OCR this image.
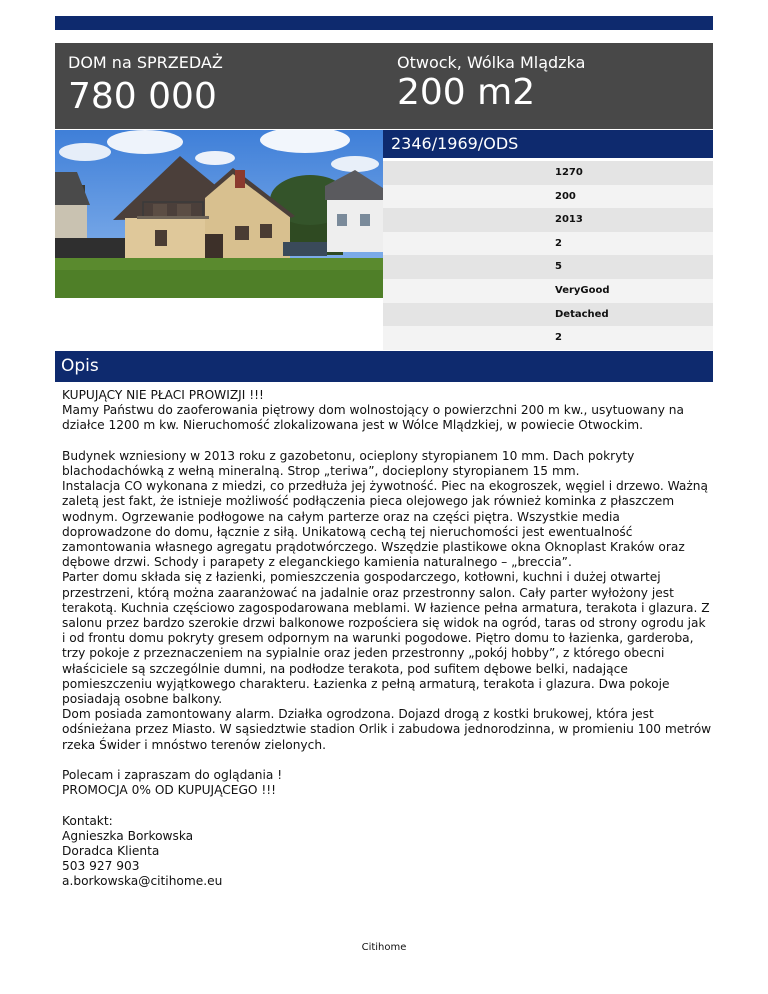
DOM na SPRZEDAŻ
780 000
Otwock, Wólka Mlądzka
200 m2
2346/1969/ODS
1270
200
2013
2
5
VeryGood
Detached
2
Opis

KUPUJĄCY NIE PŁACI PROWIZJI !!!

Mamy Państwu do zaoferowania piętrowy dom wolnostojący o powierzchni 200 m kw., usytuowany na działce 1200 m kw. Nieruchomość zlokalizowana jest w Wólce Mlądzkiej, w powiecie Otwockim.

Budynek wzniesiony w 2013 roku z gazobetonu, ocieplony styropianem 10 mm. Dach pokryty blachodachówką z wełną mineralną. Strop „teriwa”, docieplony styropianem 15 mm.

Instalacja CO wykonana z miedzi, co przedłuża jej żywotność. Piec na ekogroszek, węgiel i drzewo. Ważną zaletą jest fakt, że istnieje możliwość podłączenia pieca olejowego jak również kominka z płaszczem wodnym. Ogrzewanie podłogowe na całym parterze oraz na części piętra. Wszystkie media doprowadzone do domu, łącznie z siłą. Unikatową cechą tej nieruchomości jest ewentualność zamontowania własnego agregatu prądotwórczego. Wszędzie plastikowe okna Oknoplast Kraków oraz dębowe drzwi. Schody i parapety z eleganckiego kamienia naturalnego – „breccia”.

Parter domu składa się z łazienki, pomieszczenia gospodarczego, kotłowni, kuchni i dużej otwartej przestrzeni, którą można zaaranżować na jadalnie oraz przestronny salon. Cały parter wyłożony jest terakotą. Kuchnia częściowo zagospodarowana meblami. W łazience pełna armatura, terakota i glazura. Z salonu przez bardzo szerokie drzwi balkonowe rozpościera się widok na ogród, taras od strony ogrodu jak i od frontu domu pokryty gresem odpornym na warunki pogodowe. Piętro domu to łazienka, garderoba, trzy pokoje z przeznaczeniem na sypialnie oraz jeden przestronny „pokój hobby”, z którego obecni właściciele są szczególnie dumni, na podłodze terakota, pod sufitem dębowe belki, nadające pomieszczeniu wyjątkowego charakteru. Łazienka z pełną armaturą, terakota i glazura. Dwa pokoje posiadają osobne balkony.

Dom posiada zamontowany alarm. Działka ogrodzona. Dojazd drogą z kostki brukowej, która jest odśnieżana przez Miasto. W sąsiedztwie stadion Orlik i zabudowa jednorodzinna, w promieniu 100 metrów rzeka Świder i mnóstwo terenów zielonych.

Polecam i zapraszam do oglądania !

PROMOCJA 0% OD KUPUJĄCEGO !!!

Kontakt:

Agnieszka Borkowska

Doradca Klienta

503 927 903

a.borkowska@citihome.eu

Citihome
